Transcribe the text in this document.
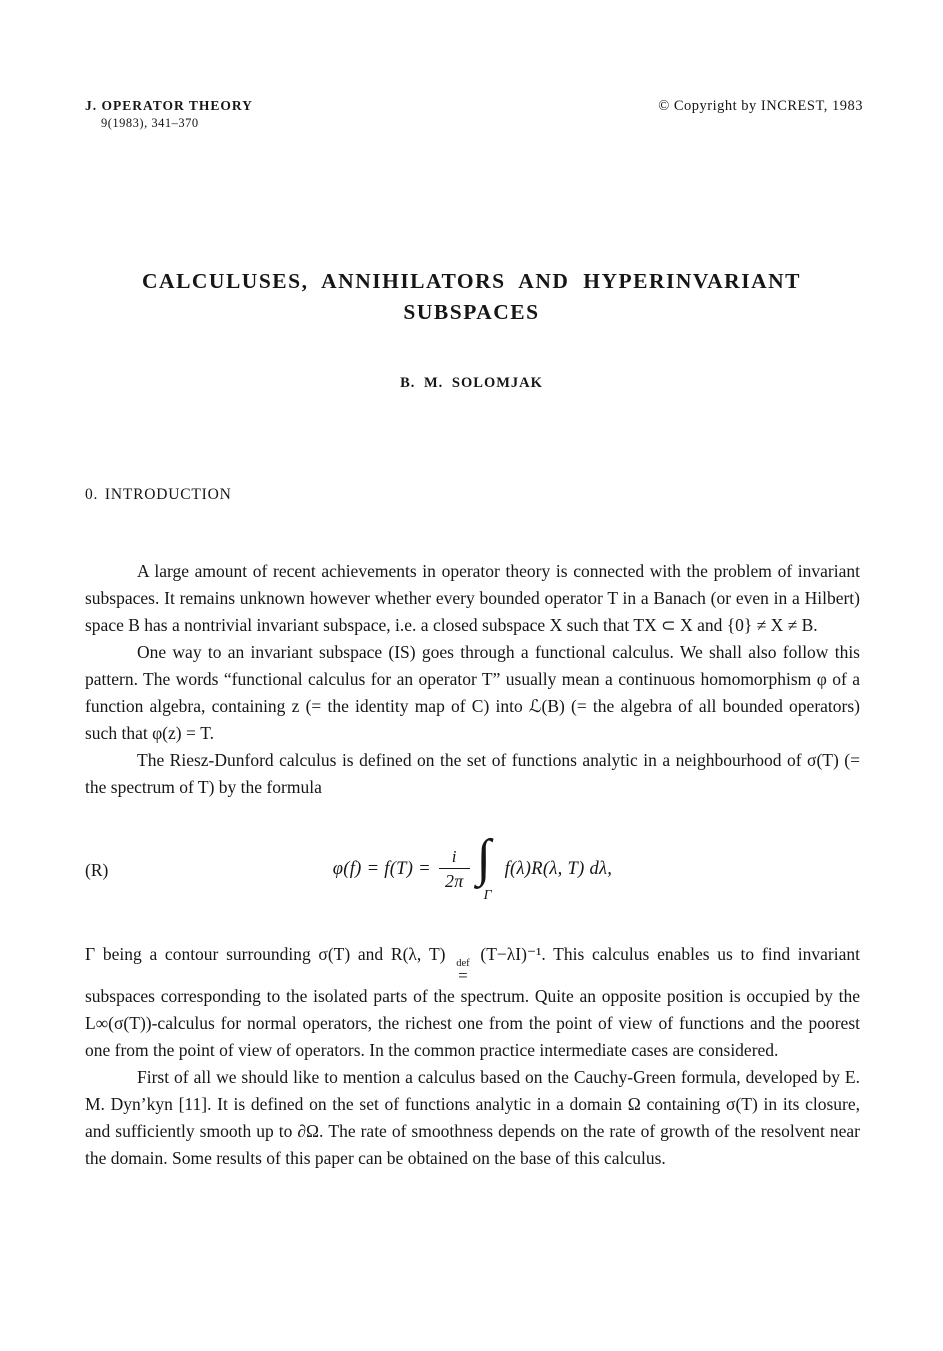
J. OPERATOR THEORY
9(1983), 341–370
© Copyright by INCREST, 1983
CALCULUSES, ANNIHILATORS AND HYPERINVARIANT
SUBSPACES
B. M. SOLOMJAK
0. INTRODUCTION

A large amount of recent achievements in operator theory is connected with the problem of invariant subspaces. It remains unknown however whether every bounded operator T in a Banach (or even in a Hilbert) space B has a nontrivial invariant subspace, i.e. a closed subspace X such that TX ⊂ X and {0} ≠ X ≠ B.

One way to an invariant subspace (IS) goes through a functional calculus. We shall also follow this pattern. The words “functional calculus for an operator T” usually mean a continuous homomorphism φ of a function algebra, containing z (= the identity map of C) into ℒ(B) (= the algebra of all bounded operators) such that φ(z) = T.

The Riesz-Dunford calculus is defined on the set of functions analytic in a neighbourhood of σ(T) (= the spectrum of T) by the formula

(R)	$\varphi(f) = f(T) = \frac{i}{2\pi}$ ∫
Γ
f(λ)R(λ, T) dλ,

Γ being a contour surrounding σ(T) and R(λ, T) def
=
(T−λI)⁻¹. This calculus enables us to find invariant subspaces corresponding to the isolated parts of the spectrum. Quite an opposite position is occupied by the L∞(σ(T))-calculus for normal operators, the richest one from the point of view of functions and the poorest one from the point of view of operators. In the common practice intermediate cases are considered.

First of all we should like to mention a calculus based on the Cauchy-Green formula, developed by E. M. Dyn’kyn [11]. It is defined on the set of functions analytic in a domain Ω containing σ(T) in its closure, and sufficiently smooth up to ∂Ω. The rate of smoothness depends on the rate of growth of the resolvent near the domain. Some results of this paper can be obtained on the base of this calculus.
